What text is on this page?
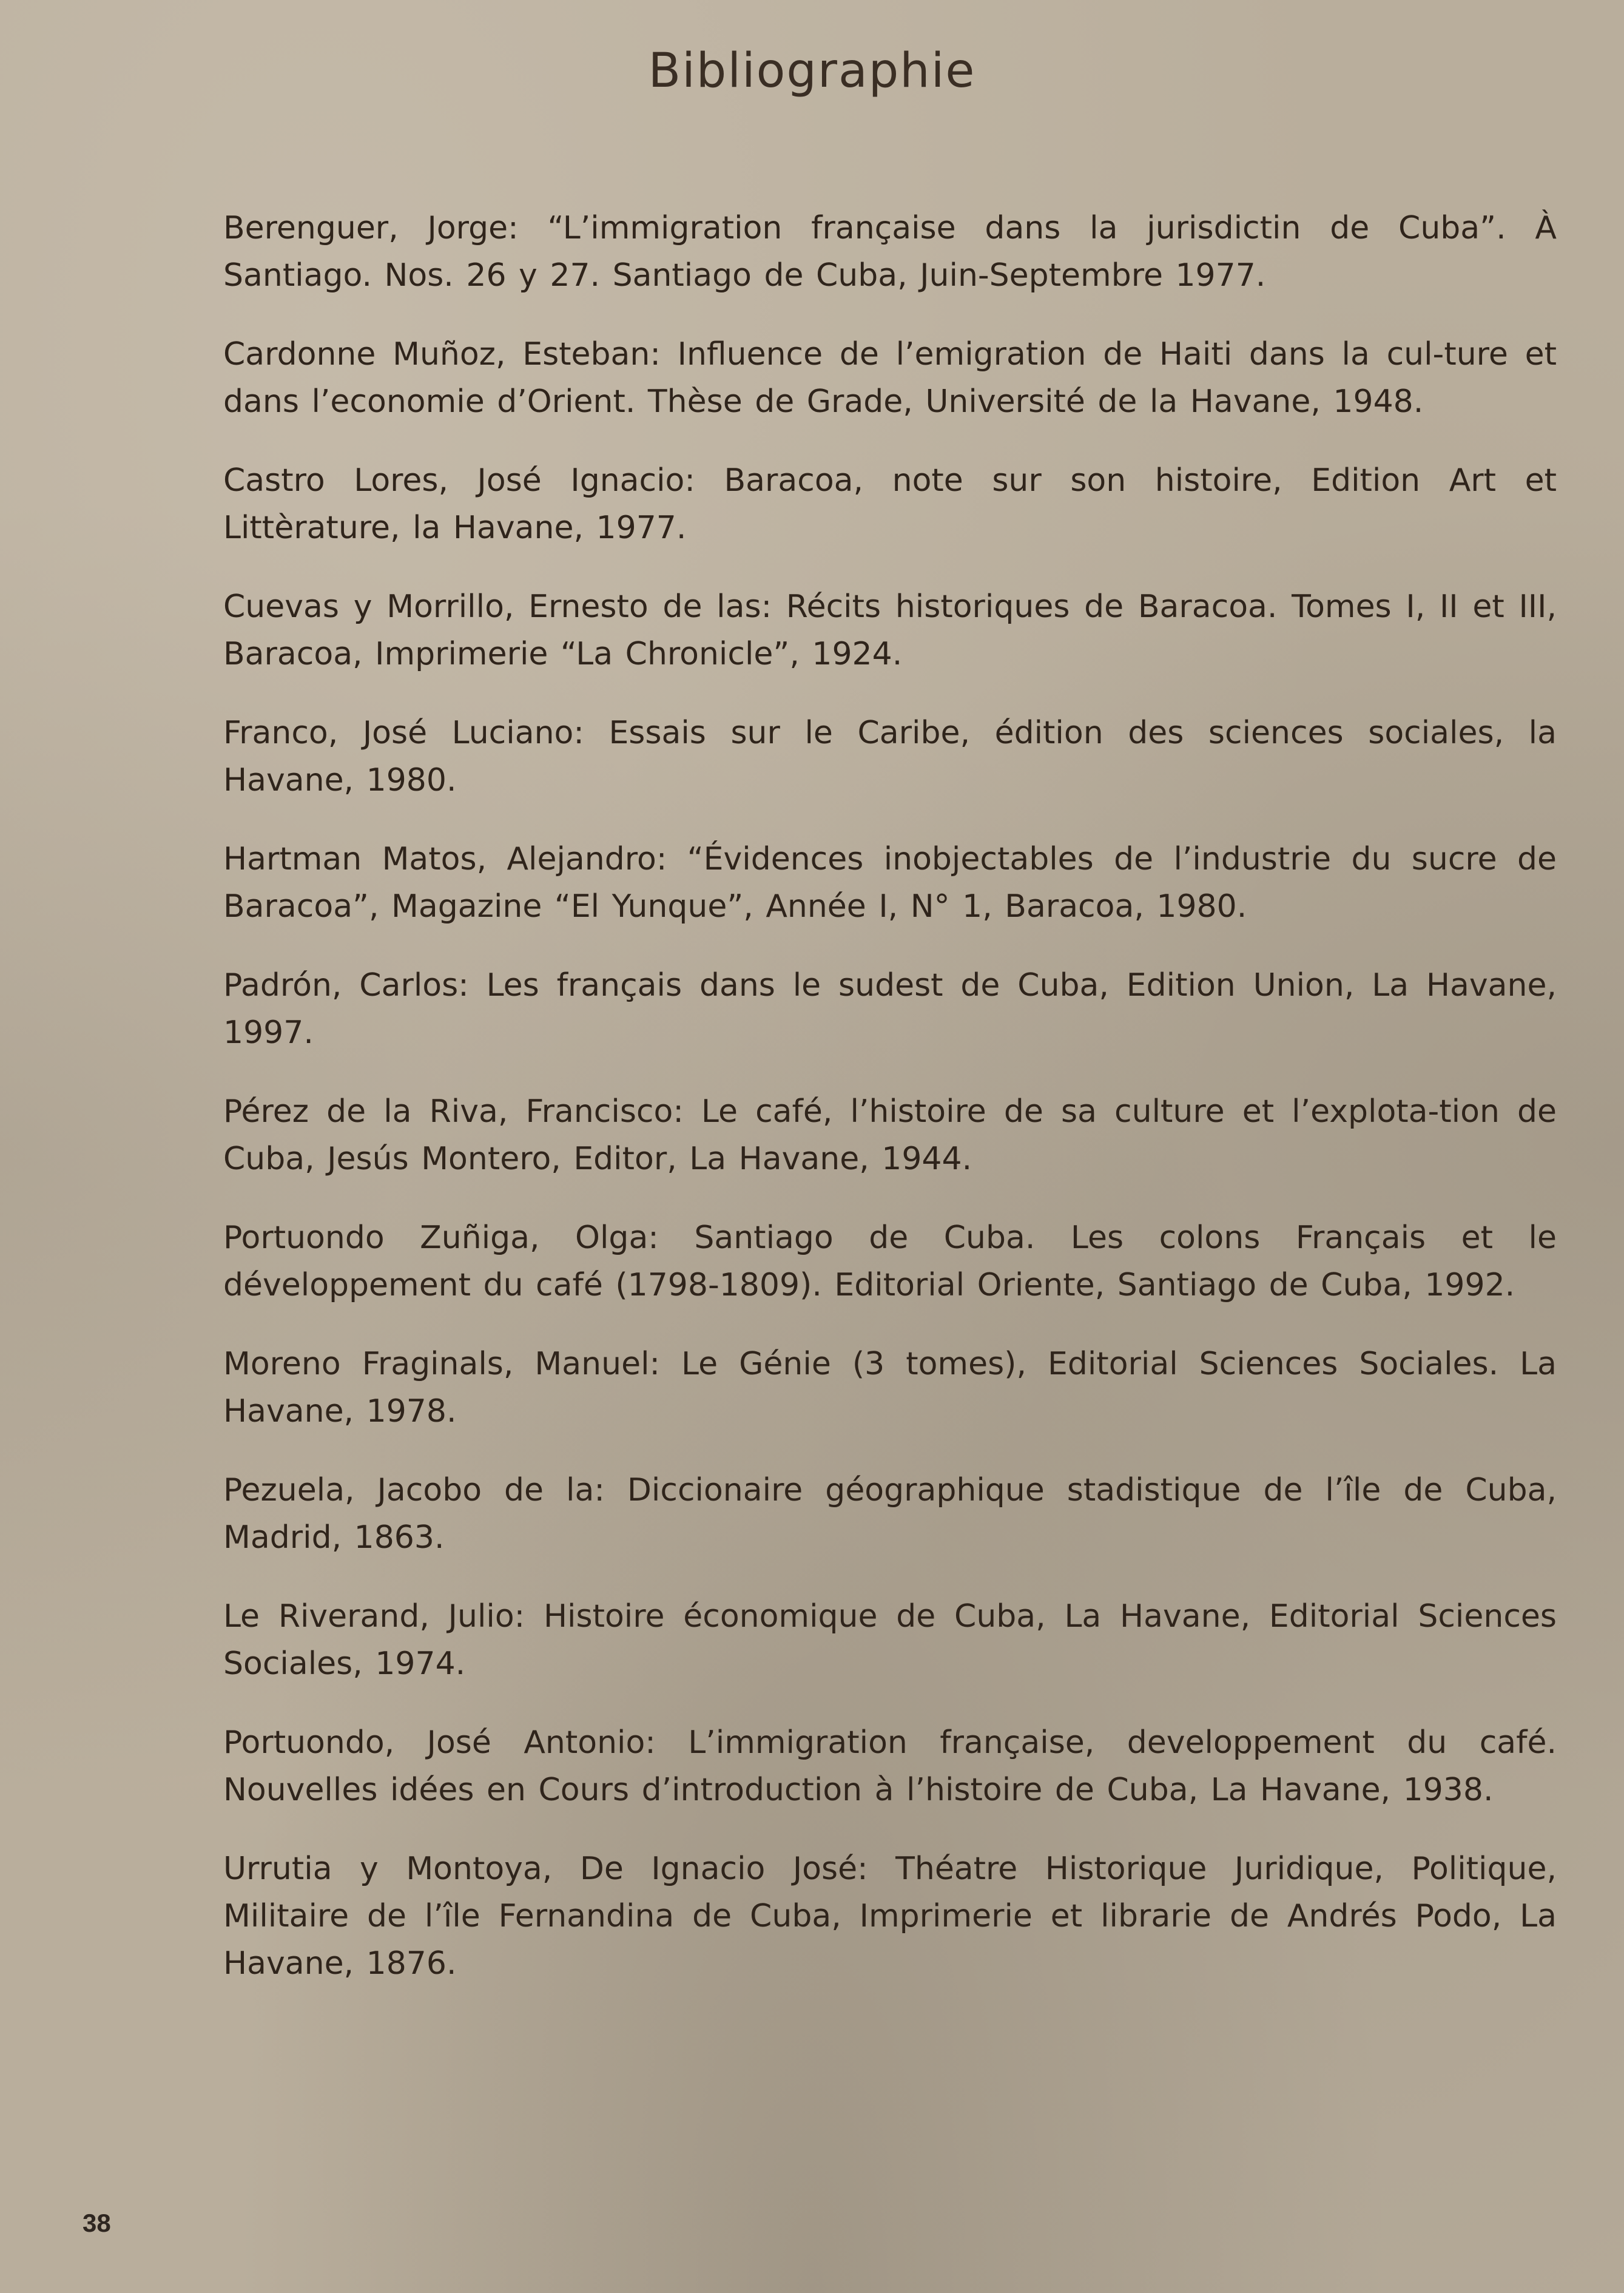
Bibliographie

Berenguer, Jorge: “L’immigration française dans la jurisdictin de Cuba”. À Santiago. Nos. 26 y 27. Santiago de Cuba, Juin-Septembre 1977.

Cardonne Muñoz, Esteban: Influence de l’emigration de Haiti dans la cul-ture et dans l’economie d’Orient. Thèse de Grade, Université de la Havane, 1948.

Castro Lores, José Ignacio: Baracoa, note sur son histoire, Edition Art et Littèrature, la Havane, 1977.

Cuevas y Morrillo, Ernesto de las: Récits historiques de Baracoa. Tomes I, II et III, Baracoa, Imprimerie “La Chronicle”, 1924.

Franco, José Luciano: Essais sur le Caribe, édition des sciences sociales, la Havane, 1980.

Hartman Matos, Alejandro: “Évidences inobjectables de l’industrie du sucre de Baracoa”, Magazine “El Yunque”, Année I, N° 1, Baracoa, 1980.

Padrón, Carlos: Les français dans le sudest de Cuba, Edition Union, La Havane, 1997.

Pérez de la Riva, Francisco: Le café, l’histoire de sa culture et l’explota-tion de Cuba, Jesús Montero, Editor, La Havane, 1944.

Portuondo Zuñiga, Olga: Santiago de Cuba. Les colons Français et le développement du café (1798-1809). Editorial Oriente, Santiago de Cuba, 1992.

Moreno Fraginals, Manuel: Le Génie (3 tomes), Editorial Sciences Sociales. La Havane, 1978.

Pezuela, Jacobo de la: Diccionaire géographique stadistique de l’île de Cuba, Madrid, 1863.

Le Riverand, Julio: Histoire économique de Cuba, La Havane, Editorial Sciences Sociales, 1974.

Portuondo, José Antonio: L’immigration française, developpement du café. Nouvelles idées en Cours d’introduction à l’histoire de Cuba, La Havane, 1938.

Urrutia y Montoya, De Ignacio José: Théatre Historique Juridique, Politique, Militaire de l’île Fernandina de Cuba, Imprimerie et librarie de Andrés Podo, La Havane, 1876.

38
